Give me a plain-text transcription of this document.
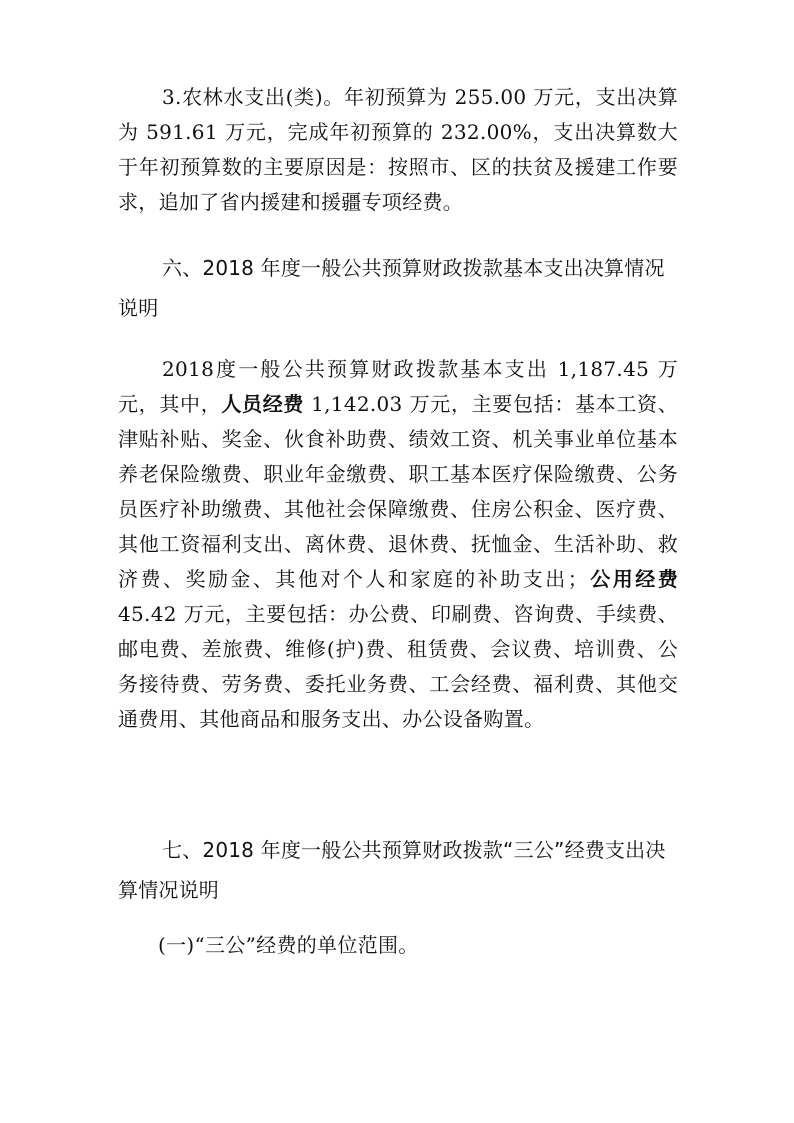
3.农林水支出(类)。年初预算为 255.00 万元，支出决算为 591.61 万元，完成年初预算的 232.00%，支出决算数大于年初预算数的主要原因是：按照市、区的扶贫及援建工作要求，追加了省内援建和援疆专项经费。

六、2018 年度一般公共预算财政拨款基本支出决算情况说明

2018度一般公共预算财政拨款基本支出 1,187.45 万元，其中，人员经费 1,142.03 万元，主要包括：基本工资、津贴补贴、奖金、伙食补助费、绩效工资、机关事业单位基本养老保险缴费、职业年金缴费、职工基本医疗保险缴费、公务员医疗补助缴费、其他社会保障缴费、住房公积金、医疗费、其他工资福利支出、离休费、退休费、抚恤金、生活补助、救济费、奖励金、其他对个人和家庭的补助支出；公用经费 45.42 万元，主要包括：办公费、印刷费、咨询费、手续费、邮电费、差旅费、维修(护)费、租赁费、会议费、培训费、公务接待费、劳务费、委托业务费、工会经费、福利费、其他交通费用、其他商品和服务支出、办公设备购置。

七、2018 年度一般公共预算财政拨款“三公”经费支出决算情况说明

(一)“三公”经费的单位范围。
